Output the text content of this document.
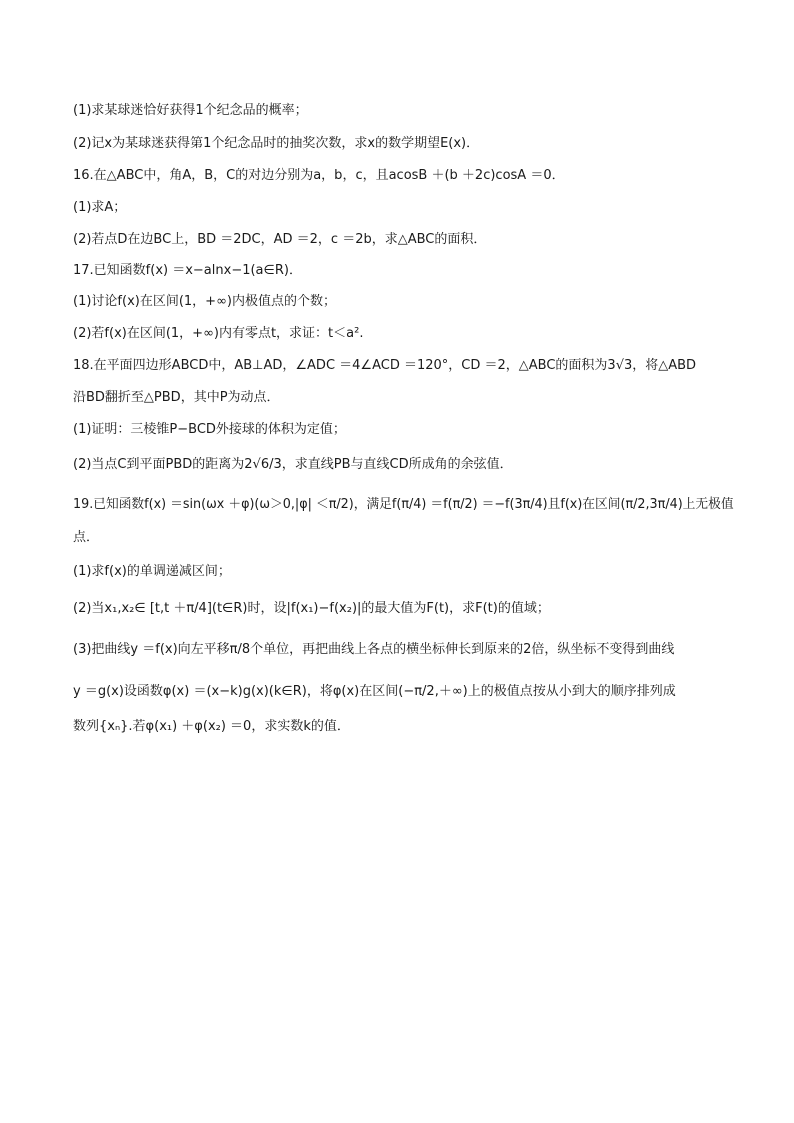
(1)求某球迷恰好获得1个纪念品的概率；
(2)记x为某球迷获得第1个纪念品时的抽奖次数，求x的数学期望E(x)．
16.在△ABC中，角A，B，C的对边分别为a，b，c，且acosB ＋(b ＋2c)cosA ＝0．
(1)求A；
(2)若点D在边BC上，BD ＝2DC，AD ＝2，c ＝2b，求△ABC的面积．
17.已知函数f(x) ＝x−alnx−1(a∈R)．
(1)讨论f(x)在区间(1，+∞)内极值点的个数；
(2)若f(x)在区间(1，+∞)内有零点t，求证：t＜a².
18.在平面四边形ABCD中，AB⊥AD，∠ADC ＝4∠ACD ＝120°，CD ＝2，△ABC的面积为3√3，将△ABD
沿BD翻折至△PBD，其中P为动点．
(1)证明：三棱锥P−BCD外接球的体积为定值；
(2)当点C到平面PBD的距离为2√6/3，求直线PB与直线CD所成角的余弦值．
19.已知函数f(x) ＝sin(ωx ＋φ)(ω＞0,|φ| ＜π/2)，满足f(π/4) ＝f(π/2) ＝−f(3π/4)且f(x)在区间(π/2,3π/4)上无极值
点．
(1)求f(x)的单调递减区间；
(2)当x₁,x₂∈ [t,t ＋π/4](t∈R)时，设|f(x₁)−f(x₂)|的最大值为F(t)，求F(t)的值域；
(3)把曲线y ＝f(x)向左平移π/8个单位，再把曲线上各点的横坐标伸长到原来的2倍，纵坐标不变得到曲线
y ＝g(x)设函数φ(x) ＝(x−k)g(x)(k∈R)，将φ(x)在区间(−π/2,＋∞)上的极值点按从小到大的顺序排列成
数列{xₙ}.若φ(x₁) ＋φ(x₂) ＝0，求实数k的值．
